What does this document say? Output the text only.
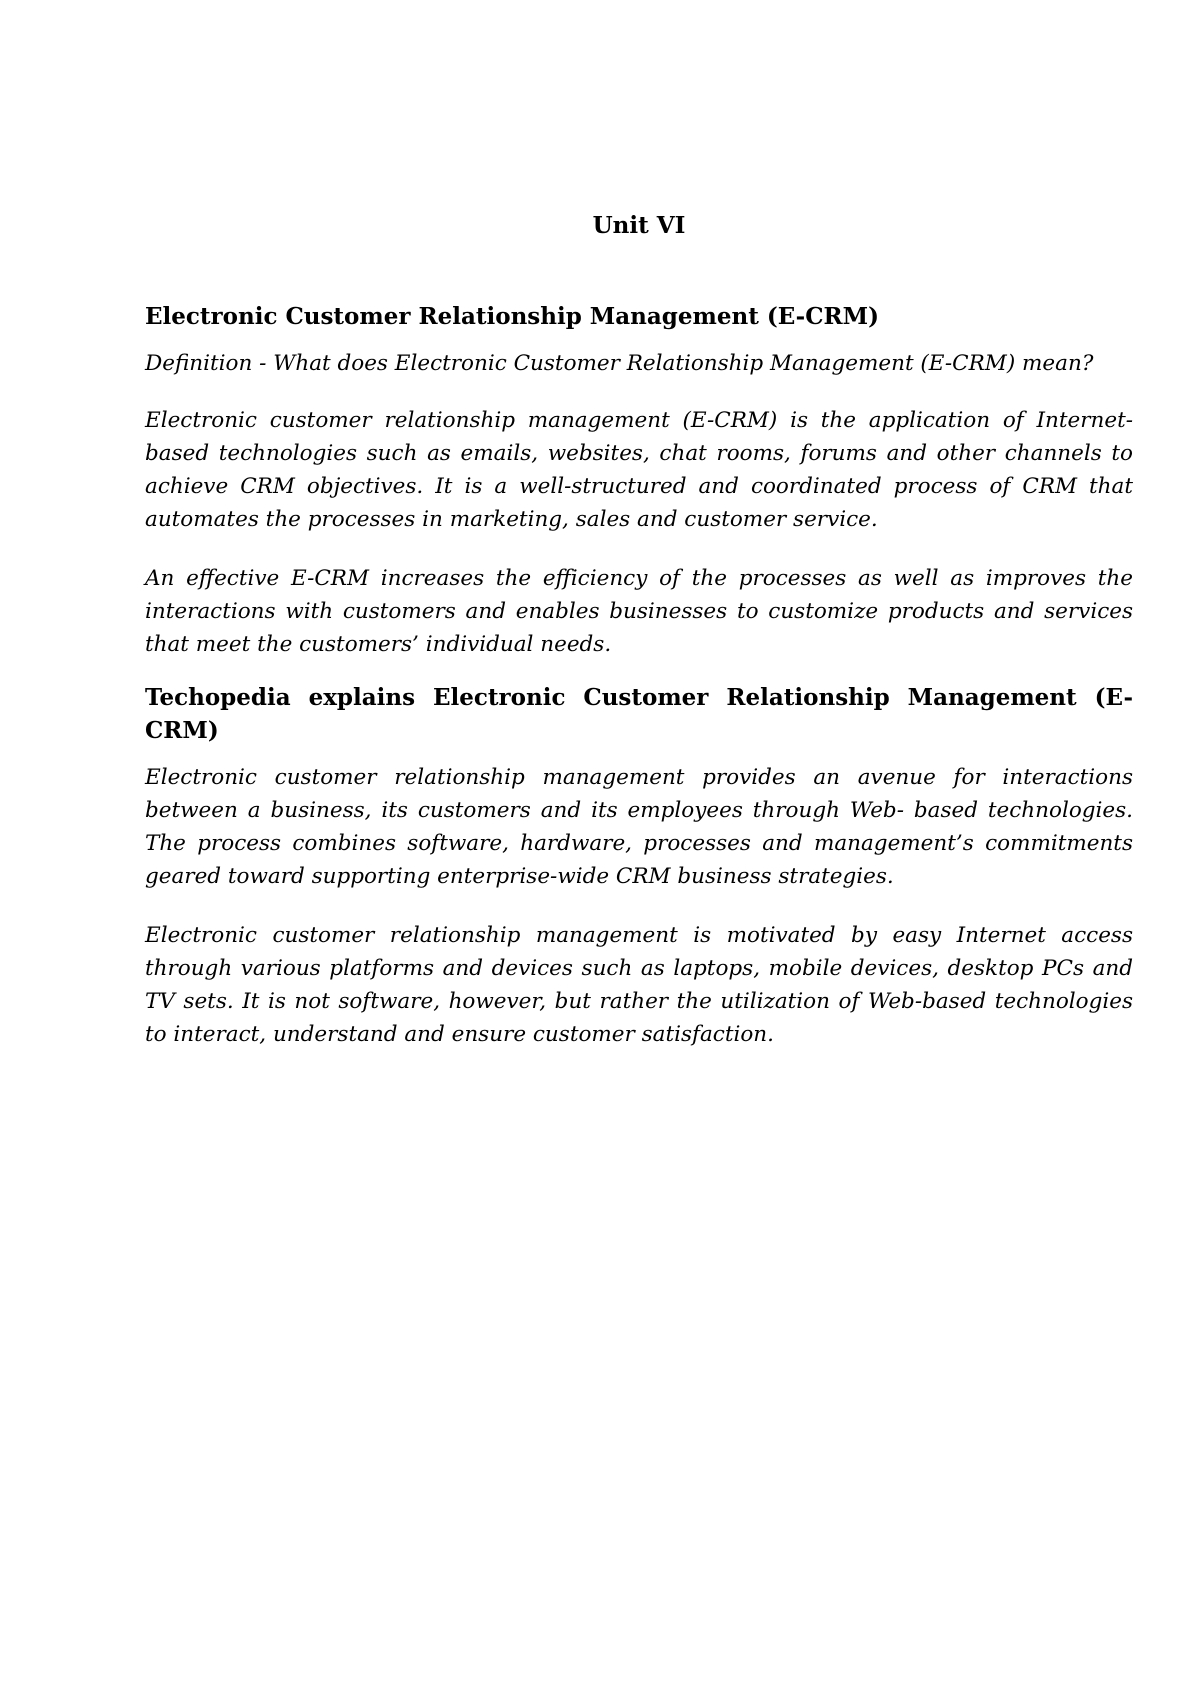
Unit VI
Electronic Customer Relationship Management (E-CRM)

Definition - What does Electronic Customer Relationship Management (E-CRM) mean?

Electronic customer relationship management (E-CRM) is the application of Internet-based technologies such as emails, websites, chat rooms, forums and other channels to achieve CRM objectives. It is a well-structured and coordinated process of CRM that automates the processes in marketing, sales and customer service.

An effective E-CRM increases the efficiency of the processes as well as improves the interactions with customers and enables businesses to customize products and services that meet the customers’ individual needs.

Techopedia explains Electronic Customer Relationship Management (E-CRM)

Electronic customer relationship management provides an avenue for interactions between a business, its customers and its employees through Web- based technologies. The process combines software, hardware, processes and management’s commitments geared toward supporting enterprise-wide CRM business strategies.

Electronic customer relationship management is motivated by easy Internet access through various platforms and devices such as laptops, mobile devices, desktop PCs and TV sets. It is not software, however, but rather the utilization of Web-based technologies to interact, understand and ensure customer satisfaction.
